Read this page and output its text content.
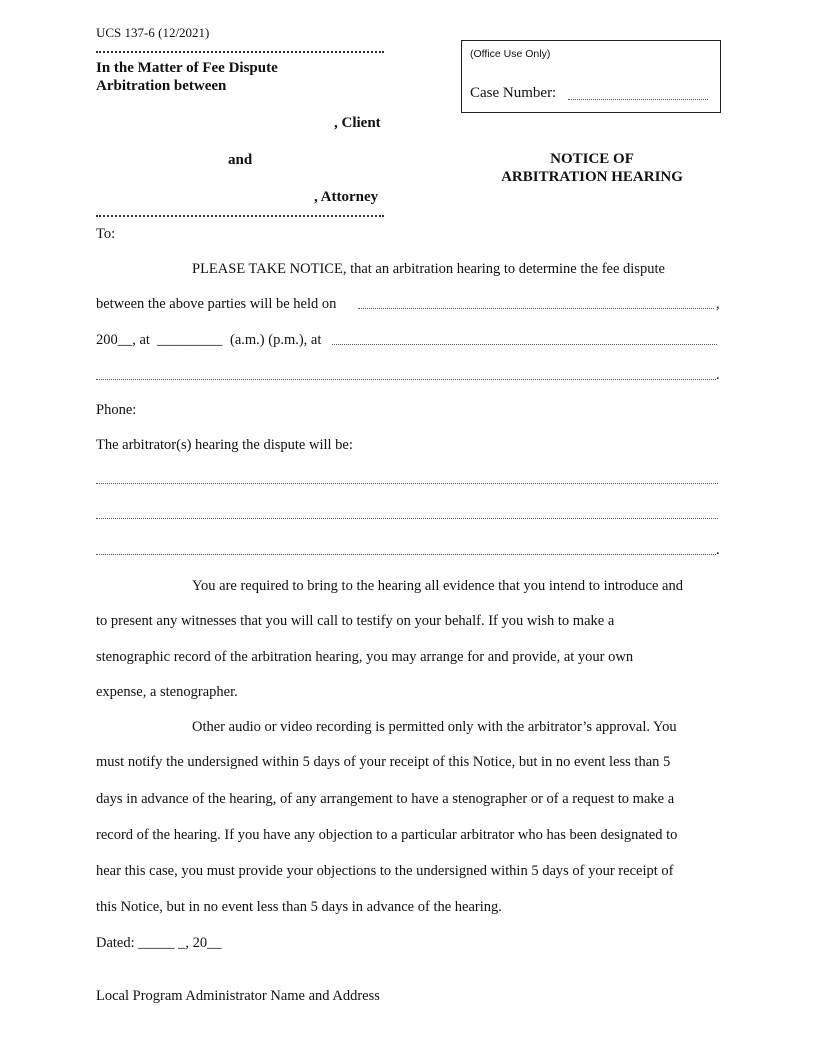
UCS 137-6 (12/2021)
In the Matter of Fee Dispute
Arbitration between
, Client
and
, Attorney
(Office Use Only)
Case Number:
NOTICE OF
ARBITRATION HEARING
To:
PLEASE TAKE NOTICE, that an arbitration hearing to determine the fee dispute
between the above parties will be held on	,
200__, at _________ (a.m.) (p.m.), at
.
Phone:
The arbitrator(s) hearing the dispute will be:
.
You are required to bring to the hearing all evidence that you intend to introduce and
to present any witnesses that you will call to testify on your behalf. If you wish to make a
stenographic record of the arbitration hearing, you may arrange for and provide, at your own
expense, a stenographer.
Other audio or video recording is permitted only with the arbitrator’s approval. You
must notify the undersigned within 5 days of your receipt of this Notice, but in no event less than 5
days in advance of the hearing, of any arrangement to have a stenographer or of a request to make a
record of the hearing. If you have any objection to a particular arbitrator who has been designated to
hear this case, you must provide your objections to the undersigned within 5 days of your receipt of
this Notice, but in no event less than 5 days in advance of the hearing.
Dated: _____ _, 20__
Local Program Administrator Name and Address
